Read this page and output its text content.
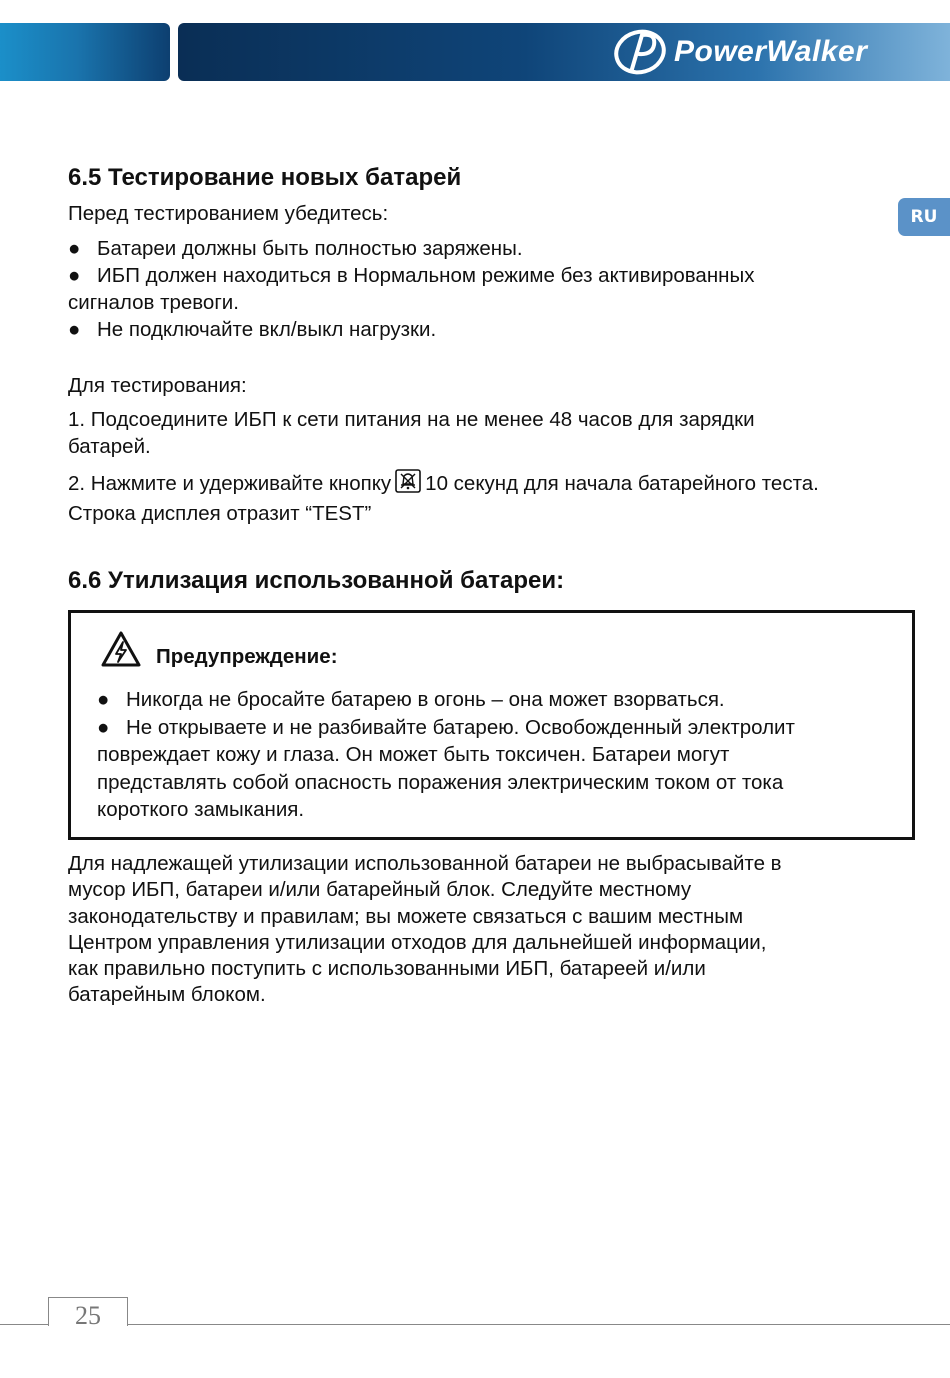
PowerWalker
RU
6.5 Тестирование новых батарей
Перед тестированием убедитесь:
● Батареи должны быть полностью заряжены.
● ИБП должен находиться в Нормальном режиме без активированных
сигналов тревоги.
● Не подключайте вкл/выкл нагрузки.
Для тестирования:
1. Подсоедините ИБП к сети питания на не менее 48 часов для зарядки
батарей.
2. Нажмите и удерживайте кнопку 10 секунд для начала батарейного теста.
Строка дисплея отразит “TEST”
6.6 Утилизация использованной батареи:
Предупреждение:
● Никогда не бросайте батарею в огонь – она может взорваться.
● Не открываете и не разбивайте батарею. Освобожденный электролит
повреждает кожу и глаза. Он может быть токсичен. Батареи могут
представлять собой опасность поражения электрическим током от тока
короткого замыкания.
Для надлежащей утилизации использованной батареи не выбрасывайте в
мусор ИБП, батареи и/или батарейный блок. Следуйте местному
законодательству и правилам; вы можете связаться с вашим местным
Центром управления утилизации отходов для дальнейшей информации,
как правильно поступить с использованными ИБП, батареей и/или
батарейным блоком.
25
